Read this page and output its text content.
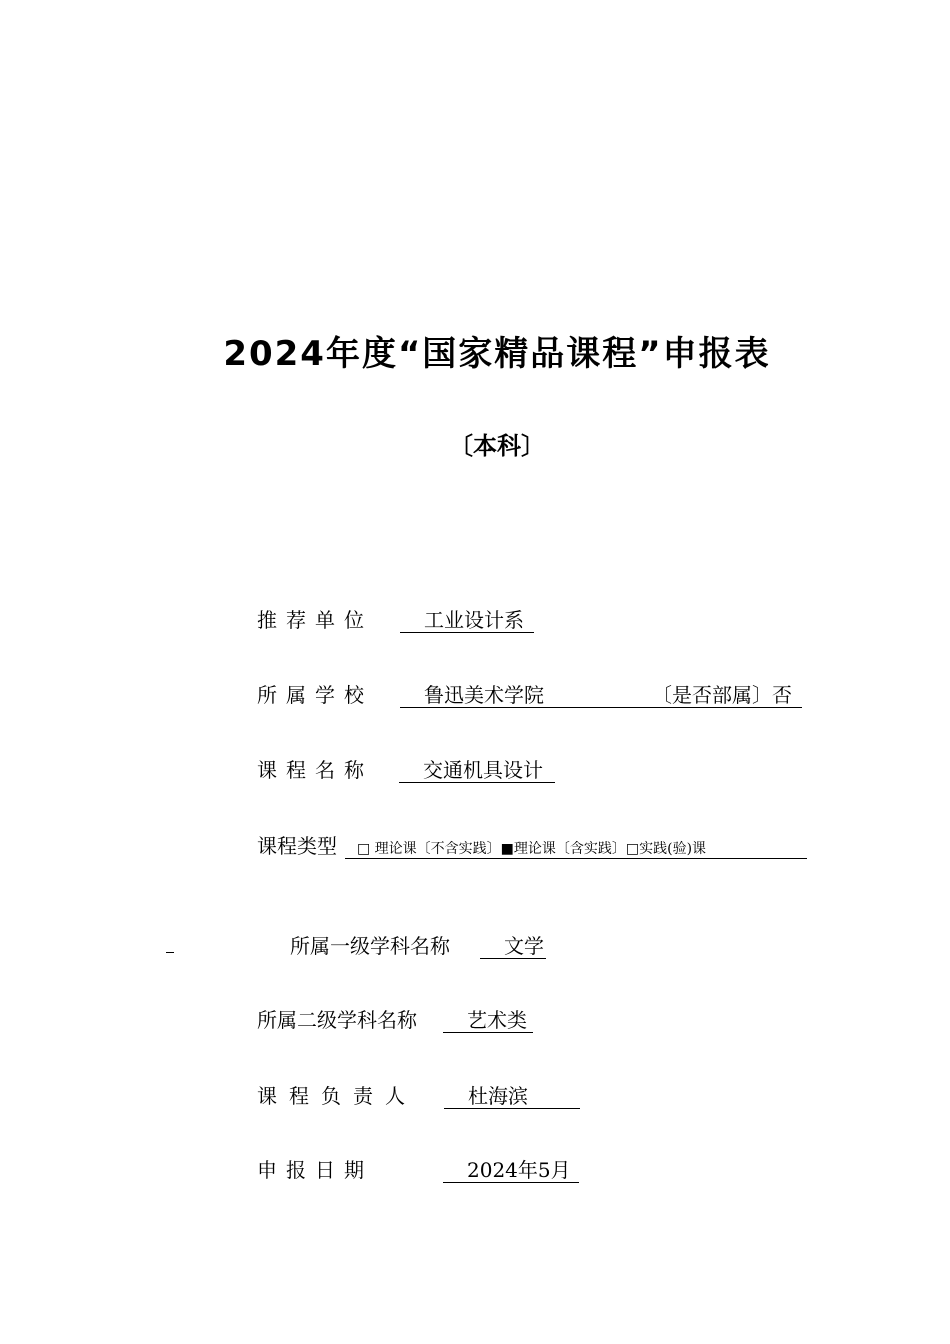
2024年度“国家精品课程”申报表
〔本科〕
推荐单位	工业设计系
所属学校	鲁迅美术学院	〔是否部属〕否
课程名称	交通机具设计
课程类型	□ 理论课〔不含实践〕■理论课〔含实践〕□实践(验)课
所属一级学科名称	文学
所属二级学科名称	艺术类
课程负责人	杜海滨
申报日期	2024年5月
